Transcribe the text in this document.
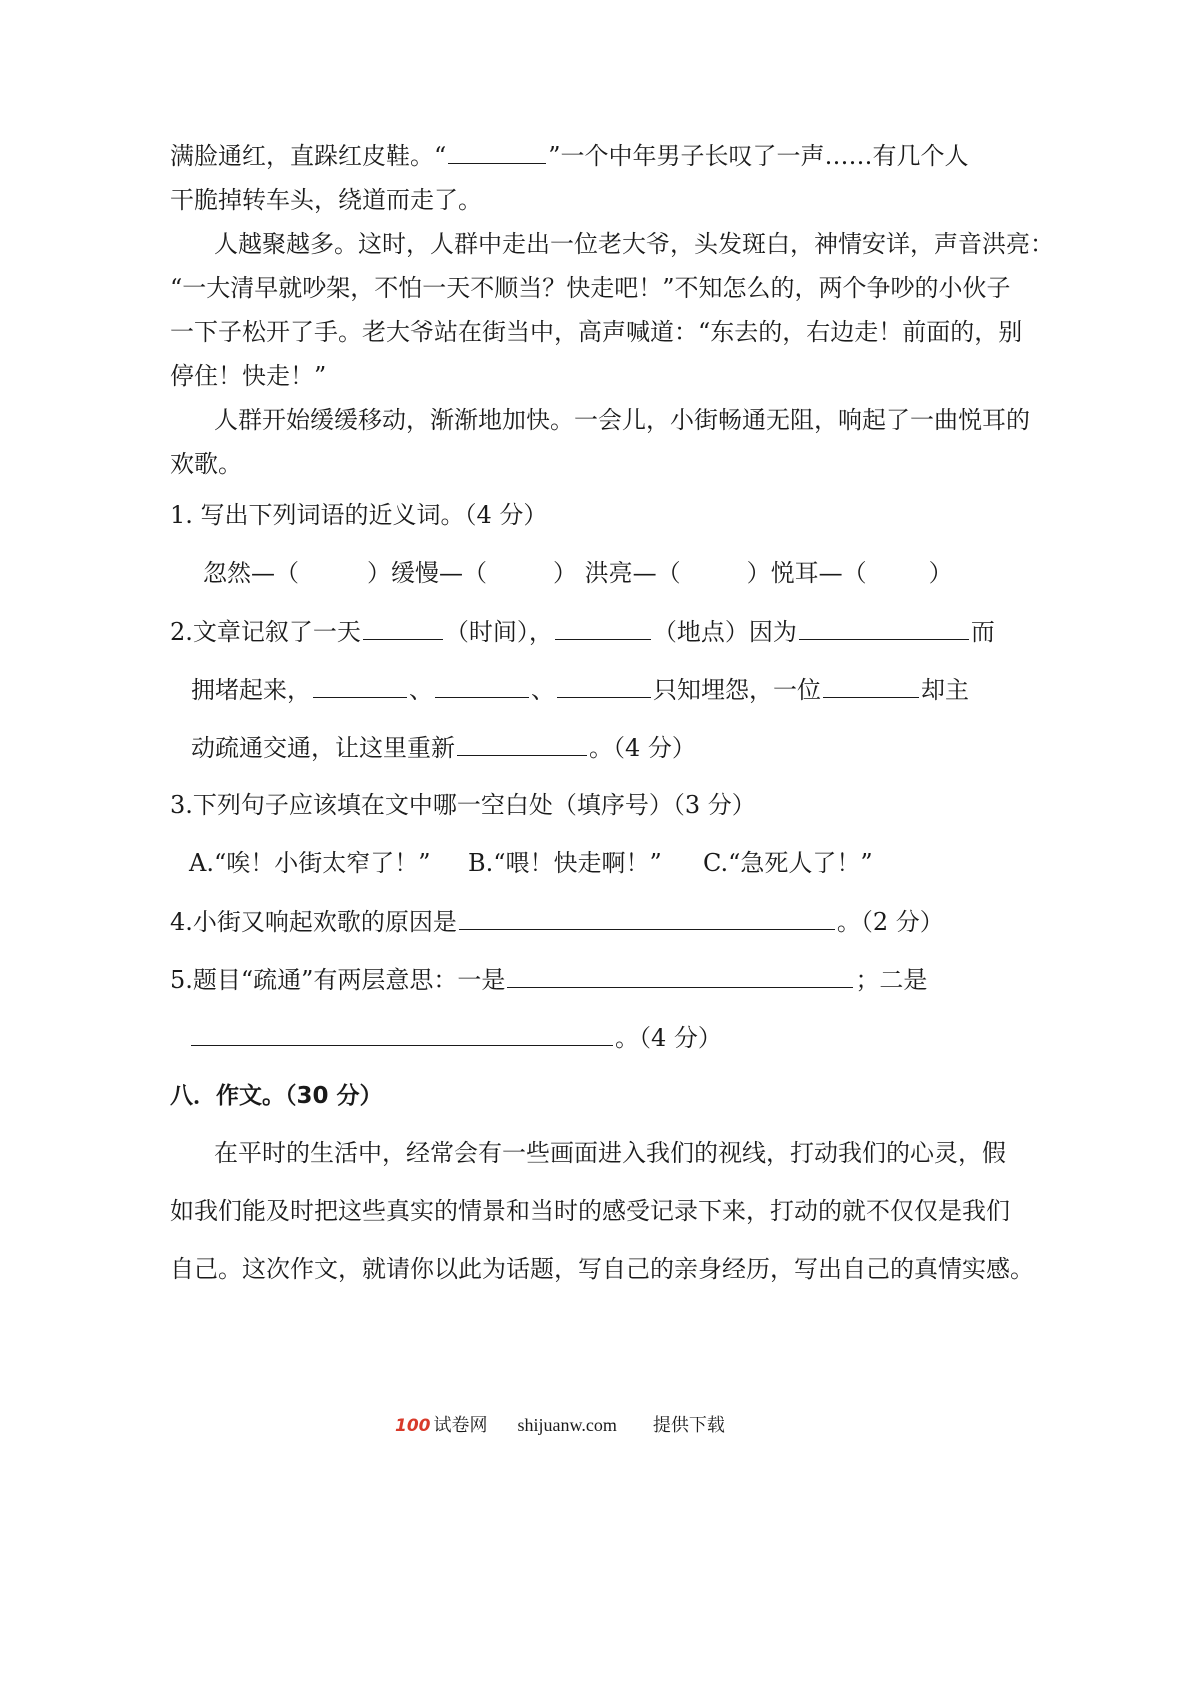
满脸通红，直跺红皮鞋。“	”一个中年男子长叹了一声……有几个人
干脆掉转车头，绕道而走了。
人越聚越多。这时，人群中走出一位老大爷，头发斑白，神情安详，声音洪亮：
“一大清早就吵架，不怕一天不顺当？快走吧！”不知怎么的，两个争吵的小伙子
一下子松开了手。老大爷站在街当中，高声喊道：“东去的，右边走！前面的，别
停住！快走！”
人群开始缓缓移动，渐渐地加快。一会儿，小街畅通无阻，响起了一曲悦耳的
欢歌。
1. 写出下列词语的近义词。（4 分）
忽然—（	）缓慢—（	） 洪亮—（	）悦耳—（	）
2.文章记叙了一天	（时间），	（地点）因为	而
拥堵起来，	、	、	只知埋怨，一位	却主
动疏通交通，让这里重新	。（4 分）
3.下列句子应该填在文中哪一空白处（填序号）（3 分）
A.“唉！小街太窄了！” B.“喂！快走啊！” C.“急死人了！”
4.小街又响起欢歌的原因是	。（2 分）
5.题目“疏通”有两层意思：一是	；二是
。（4 分）
八．作文。（30 分）
在平时的生活中，经常会有一些画面进入我们的视线，打动我们的心灵，假
如我们能及时把这些真实的情景和当时的感受记录下来，打动的就不仅仅是我们
自己。这次作文，就请你以此为话题，写自己的亲身经历，写出自己的真情实感。
100 试卷网 shijuanw.com 提供下载
